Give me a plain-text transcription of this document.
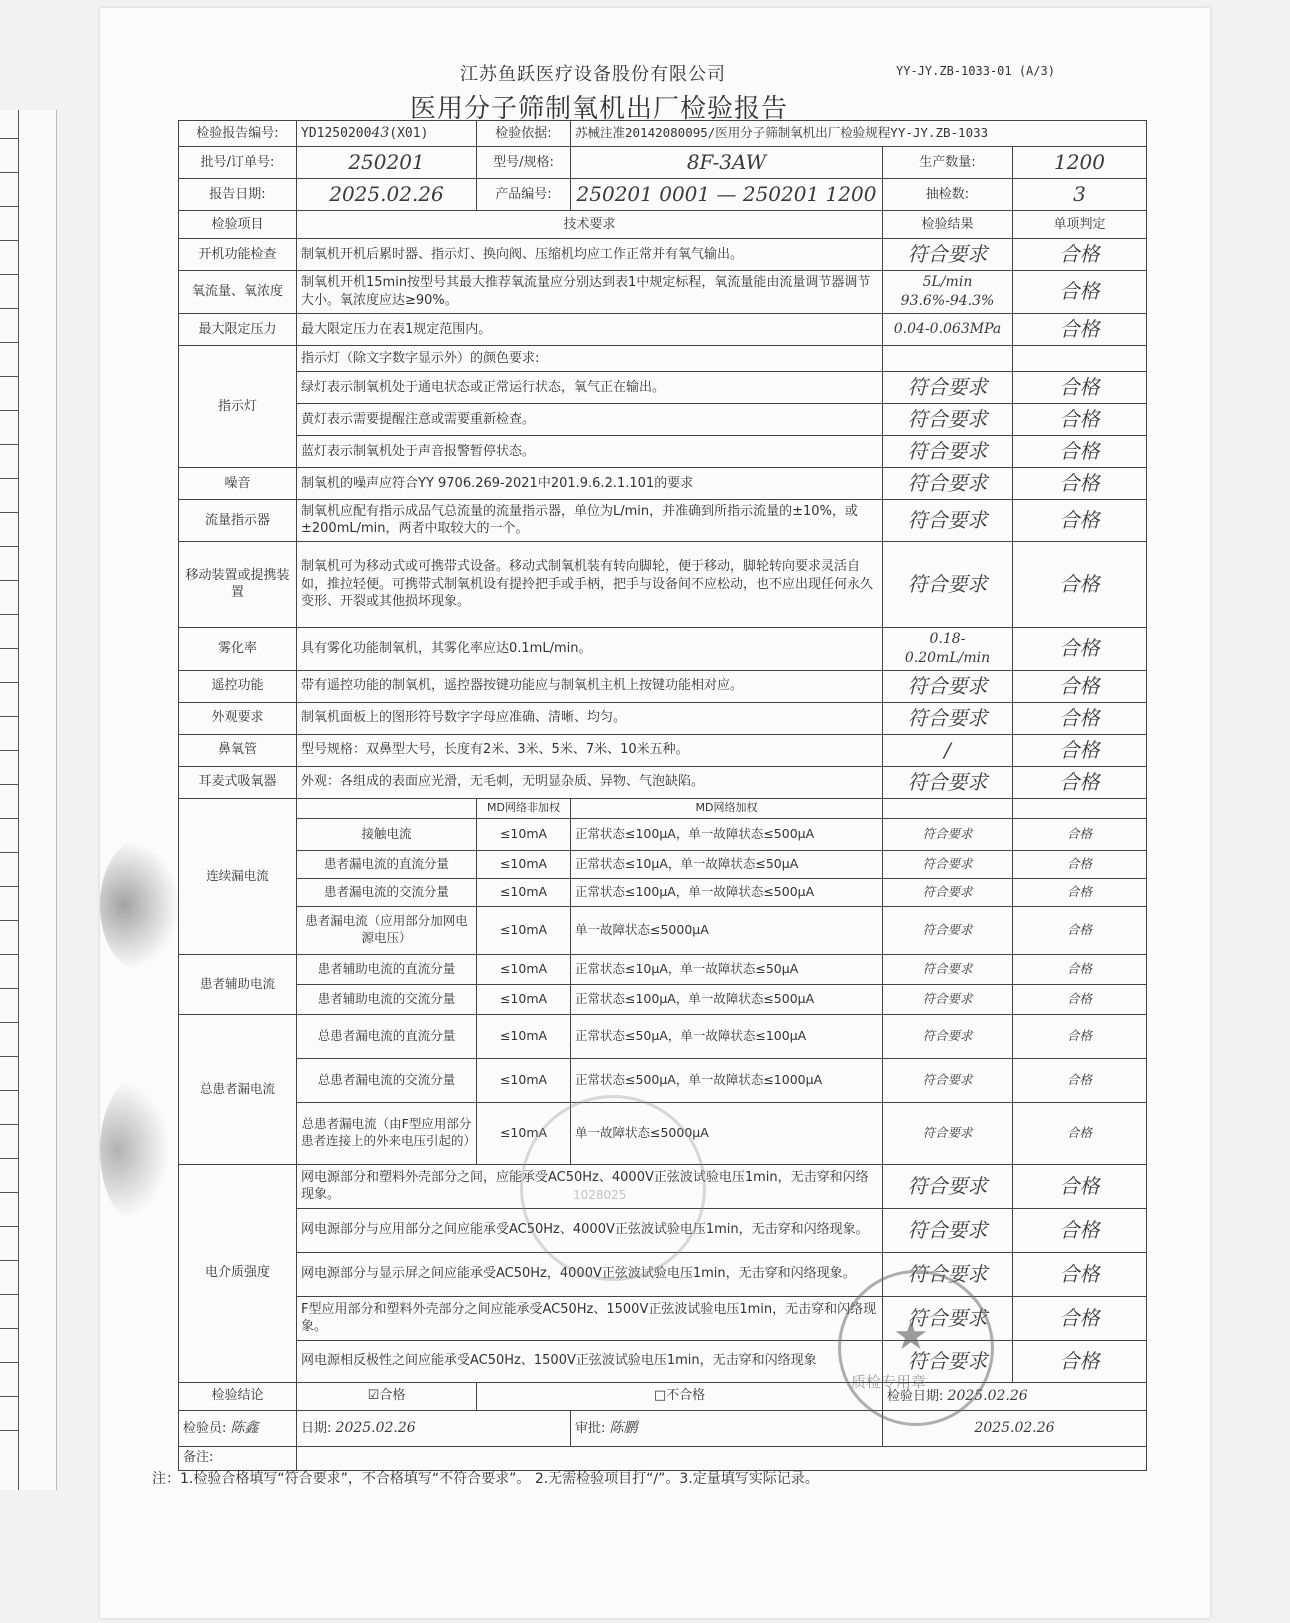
江苏鱼跃医疗设备股份有限公司	YY-JY.ZB-1033-01 (A/3)
医用分子筛制氧机出厂检验报告
检验报告编号:	YD125020043(X01)	检验依据:	苏械注准20142080095/医用分子筛制氧机出厂检验规程YY-JY.ZB-1033		
批号/订单号:	250201	型号/规格:	8F-3AW	生产数量:	1200
报告日期:	2025.02.26	产品编号:	250201 0001 — 250201 1200	抽检数:	3
检验项目	技术要求			检验结果	单项判定
开机功能检查	制氧机开机后累时器、指示灯、换向阀、压缩机均应工作正常并有氧气输出。			符合要求	合格
氧流量、氧浓度	制氧机开机15min按型号其最大推荐氧流量应分别达到表1中规定标程，氧流量能由流量调节器调节大小。氧浓度应达≥90%。			5L/min 93.6%-94.3%	合格
最大限定压力	最大限定压力在表1规定范围内。			0.04-0.063MPa	合格
指示灯	指示灯（除文字数字显示外）的颜色要求:				
	绿灯表示制氧机处于通电状态或正常运行状态，氧气正在输出。			符合要求	合格
	黄灯表示需要提醒注意或需要重新检查。			符合要求	合格
	蓝灯表示制氧机处于声音报警暂停状态。			符合要求	合格
噪音	制氧机的噪声应符合YY 9706.269-2021中201.9.6.2.1.101的要求			符合要求	合格
流量指示器	制氧机应配有指示成品气总流量的流量指示器，单位为L/min，并准确到所指示流量的±10%，或±200mL/min，两者中取较大的一个。			符合要求	合格
移动装置或提携装置	制氧机可为移动式或可携带式设备。移动式制氧机装有转向脚轮，便于移动，脚轮转向要求灵活自如，推拉轻便。可携带式制氧机设有提拎把手或手柄，把手与设备间不应松动，也不应出现任何永久变形、开裂或其他损坏现象。			符合要求	合格
雾化率	具有雾化功能制氧机，其雾化率应达0.1mL/min。			0.18-0.20mL/min	合格
遥控功能	带有遥控功能的制氧机，遥控器按键功能应与制氧机主机上按键功能相对应。			符合要求	合格
外观要求	制氧机面板上的图形符号数字字母应准确、清晰、均匀。			符合要求	合格
鼻氧管	型号规格：双鼻型大号，长度有2米、3米、5米、7米、10米五种。			/	合格
耳麦式吸氧器	外观：各组成的表面应光滑，无毛刺，无明显杂质、异物、气泡缺陷。			符合要求	合格
连续漏电流		MD网络非加权	MD网络加权		
	接触电流	≤10mA	正常状态≤100μA，单一故障状态≤500μA	符合要求	合格
	患者漏电流的直流分量	≤10mA	正常状态≤10μA，单一故障状态≤50μA	符合要求	合格
	患者漏电流的交流分量	≤10mA	正常状态≤100μA，单一故障状态≤500μA	符合要求	合格
	患者漏电流（应用部分加网电源电压）	≤10mA	单一故障状态≤5000μA	符合要求	合格
患者辅助电流	患者辅助电流的直流分量	≤10mA	正常状态≤10μA，单一故障状态≤50μA	符合要求	合格
	患者辅助电流的交流分量	≤10mA	正常状态≤100μA，单一故障状态≤500μA	符合要求	合格
总患者漏电流	总患者漏电流的直流分量	≤10mA	正常状态≤50μA，单一故障状态≤100μA	符合要求	合格
	总患者漏电流的交流分量	≤10mA	正常状态≤500μA，单一故障状态≤1000μA	符合要求	合格
	总患者漏电流（由F型应用部分患者连接上的外来电压引起的）	≤10mA	单一故障状态≤5000μA	符合要求	合格
电介质强度	网电源部分和塑料外壳部分之间，应能承受AC50Hz、4000V正弦波试验电压1min，无击穿和闪络现象。			符合要求	合格
	网电源部分与应用部分之间应能承受AC50Hz、4000V正弦波试验电压1min，无击穿和闪络现象。			符合要求	合格
	网电源部分与显示屏之间应能承受AC50Hz，4000V正弦波试验电压1min，无击穿和闪络现象。			符合要求	合格
	F型应用部分和塑料外壳部分之间应能承受AC50Hz、1500V正弦波试验电压1min，无击穿和闪络现象。			符合要求	合格
	网电源相反极性之间应能承受AC50Hz、1500V正弦波试验电压1min，无击穿和闪络现象			符合要求	合格
检验结论	☑合格	□不合格		检验日期: 2025.02.26	
检验员: 陈鑫	日期: 2025.02.26		审批: 陈鹏	2025.02.26	
备注:					
1028025
★
质检专用章
注：1.检验合格填写“符合要求”，不合格填写“不符合要求”。 2.无需检验项目打“/”。3.定量填写实际记录。
